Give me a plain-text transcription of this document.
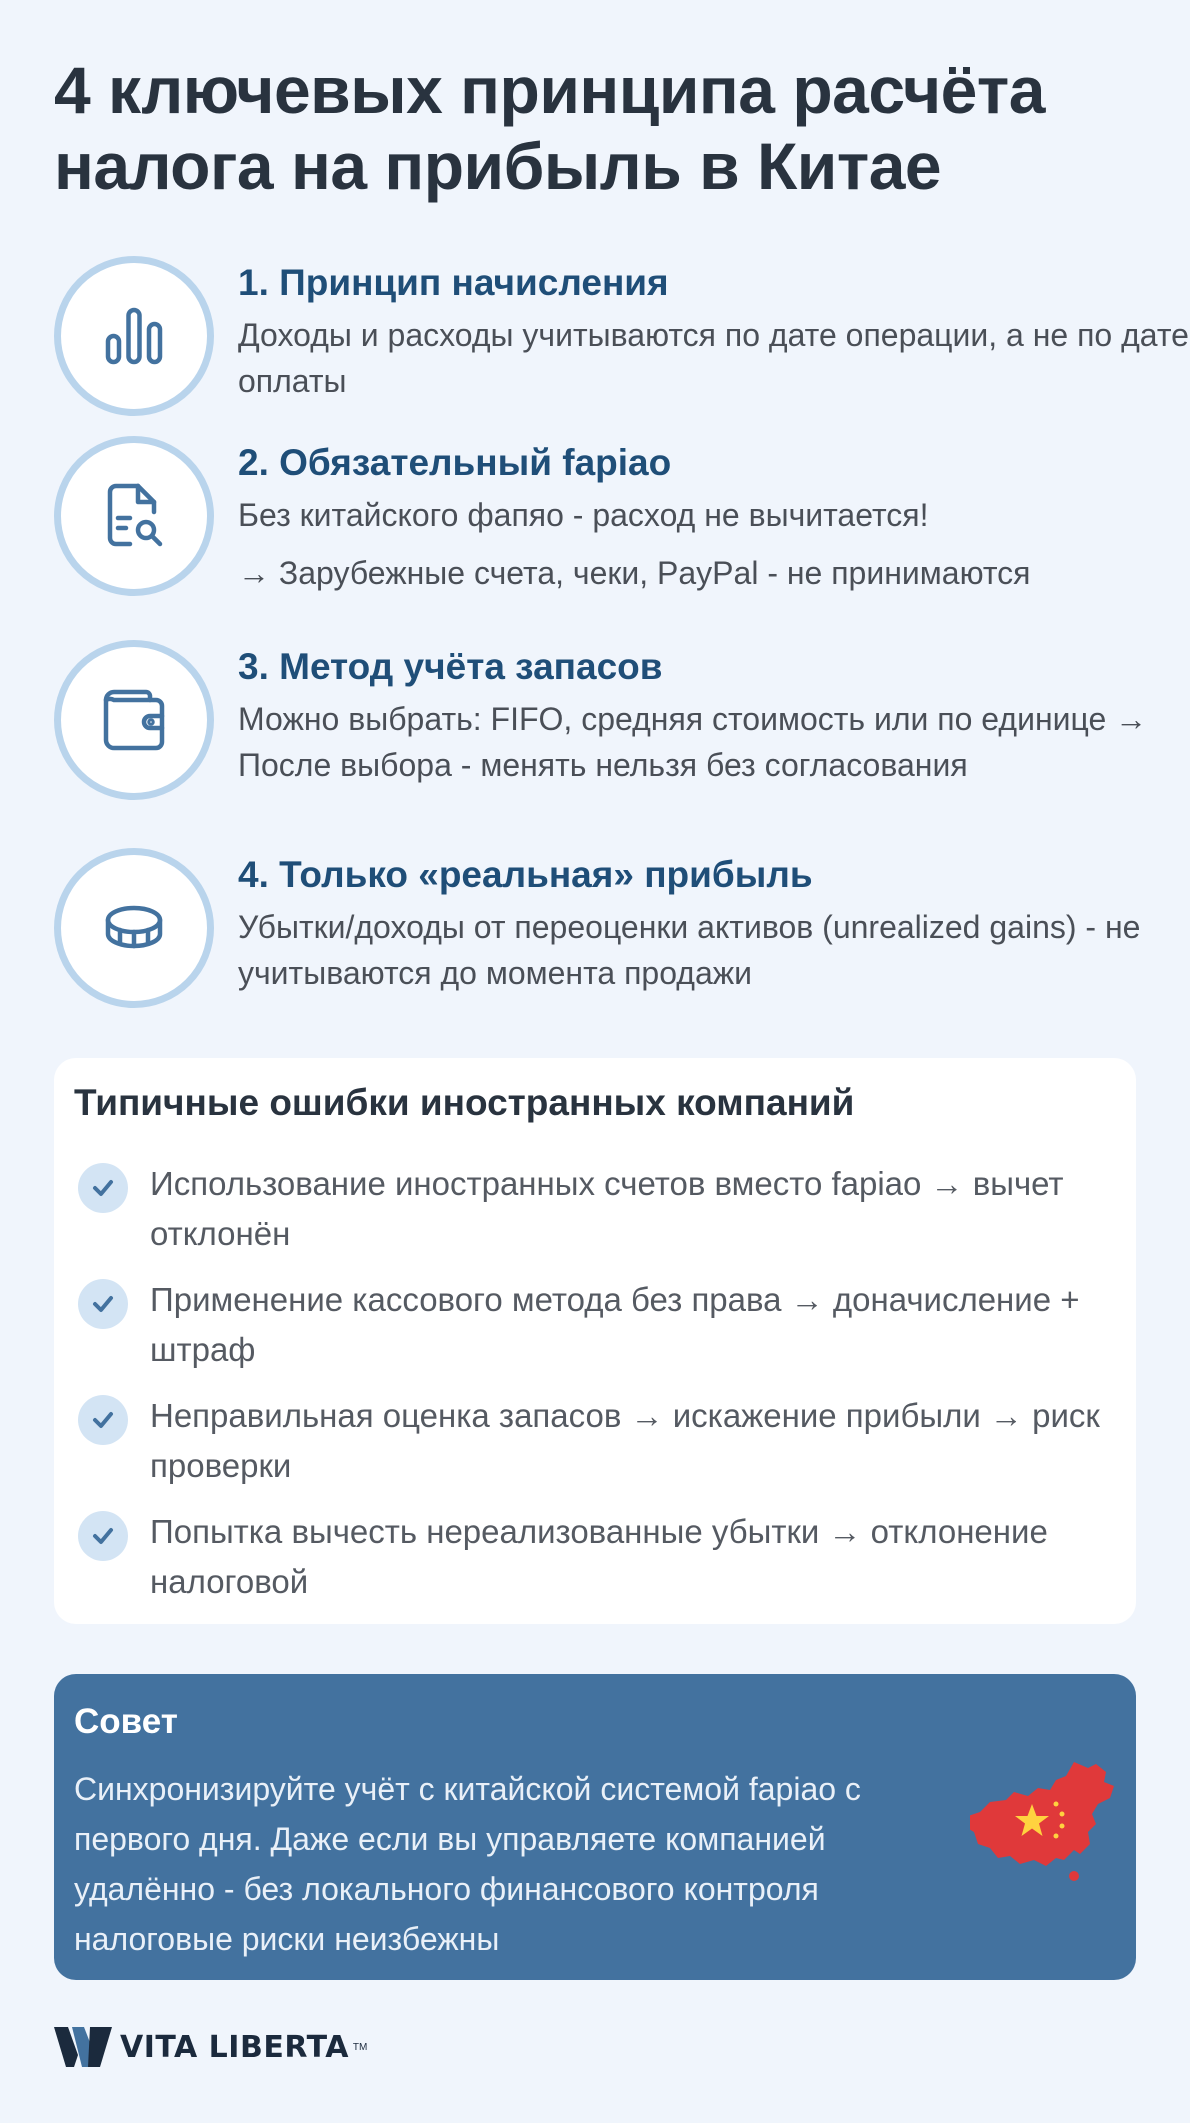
4 ключевых принципа расчёта налога на прибыль в Китае
1. Принцип начисления
Доходы и расходы учитываются по дате операции, а не по дате оплаты
2. Обязательный fapiao
Без китайского фапяо - расход не вычитается!
→ Зарубежные счета, чеки, PayPal - не принимаются
3. Метод учёта запасов
Можно выбрать: FIFO, средняя стоимость или по единице → После выбора - менять нельзя без согласования
4. Только «реальная» прибыль
Убытки/доходы от переоценки активов (unrealized gains) - не учитываются до момента продажи
Типичные ошибки иностранных компаний
Использование иностранных счетов вместо fapiao → вычет отклонён
Применение кассового метода без права → доначисление + штраф
Неправильная оценка запасов → искажение прибыли → риск проверки
Попытка вычесть нереализованные убытки → отклонение налоговой
Совет
Синхронизируйте учёт с китайской системой fapiao с первого дня. Даже если вы управляете компанией удалённо - без локального финансового контроля налоговые риски неизбежны
VITA LIBERTA TM
